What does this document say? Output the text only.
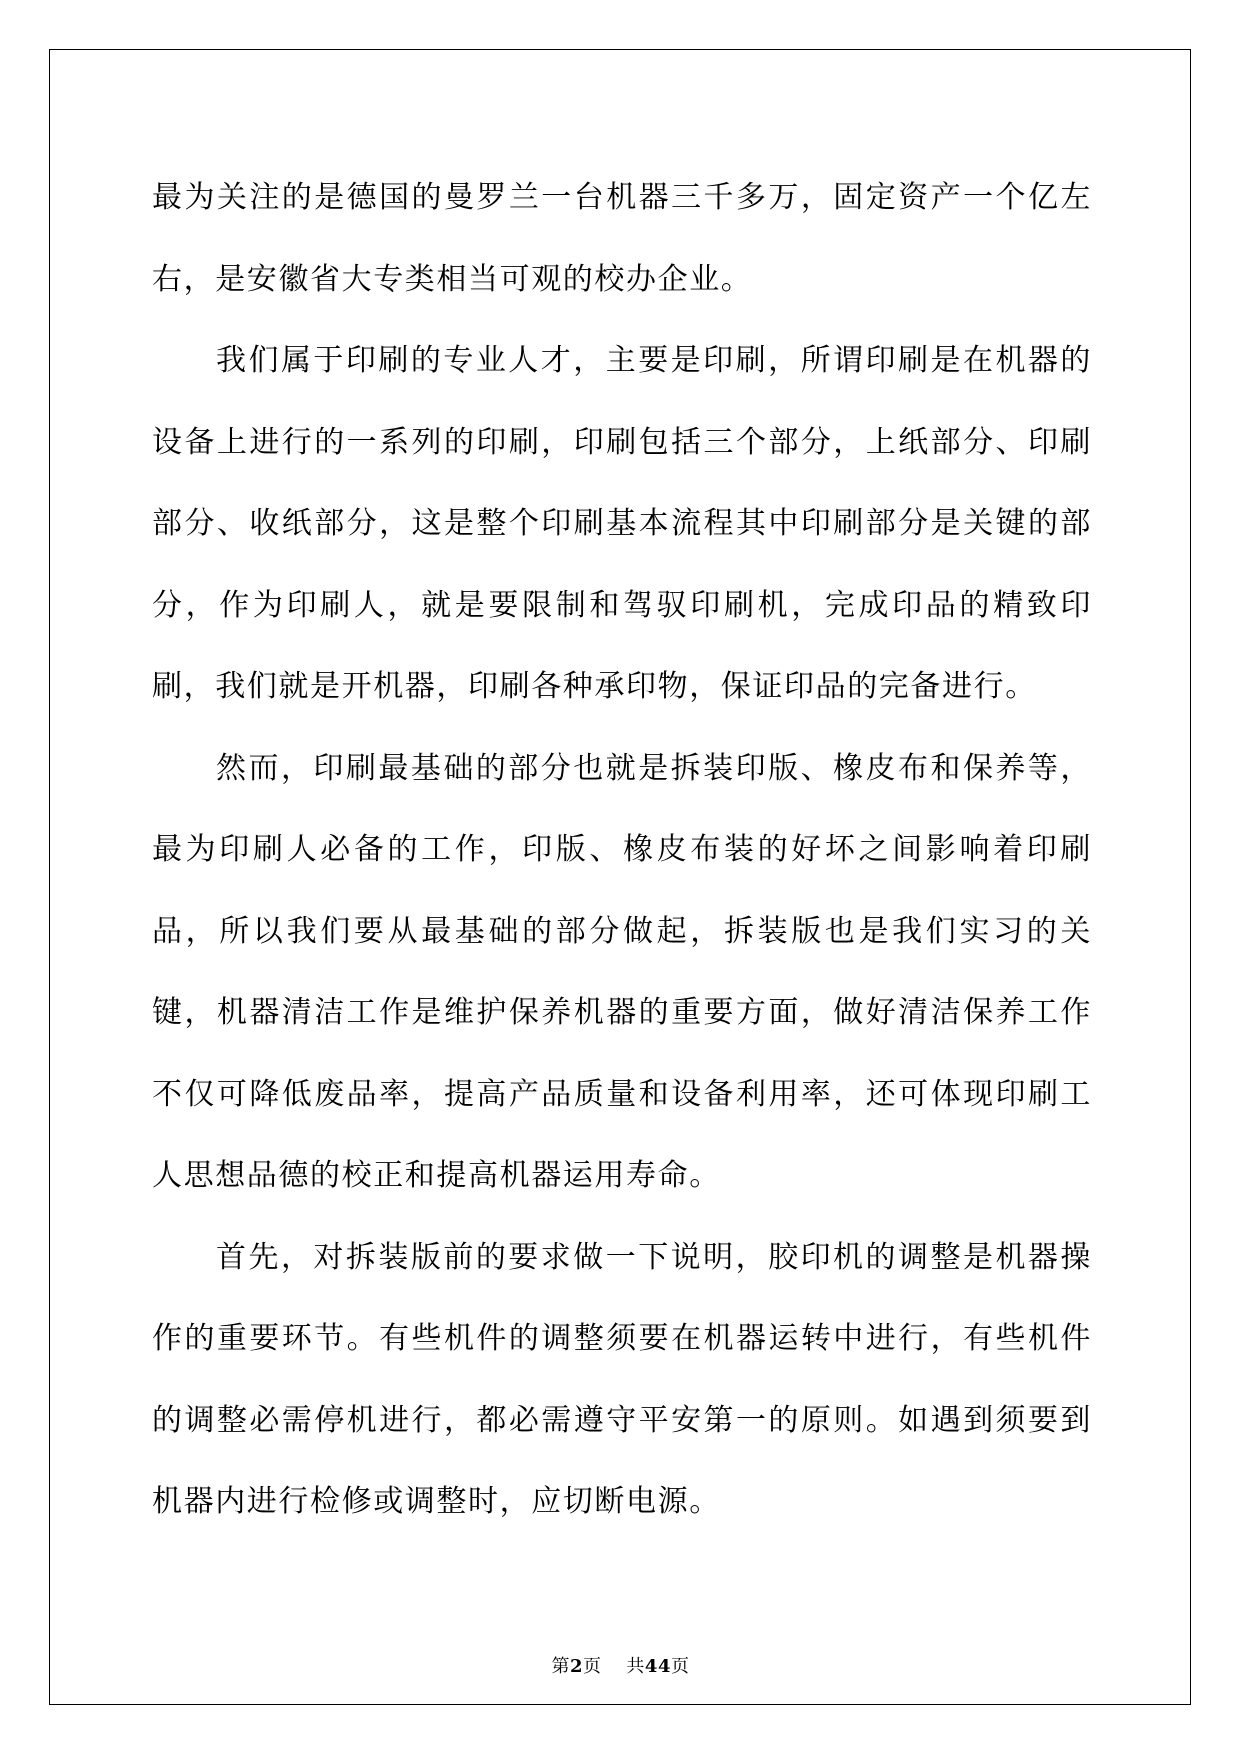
最为关注的是德国的曼罗兰一台机器三千多万，固定资产一个亿左右，是安徽省大专类相当可观的校办企业。

我们属于印刷的专业人才，主要是印刷，所谓印刷是在机器的设备上进行的一系列的印刷，印刷包括三个部分，上纸部分、印刷部分、收纸部分，这是整个印刷基本流程其中印刷部分是关键的部分，作为印刷人，就是要限制和驾驭印刷机，完成印品的精致印刷，我们就是开机器，印刷各种承印物，保证印品的完备进行。

然而，印刷最基础的部分也就是拆装印版、橡皮布和保养等，最为印刷人必备的工作，印版、橡皮布装的好坏之间影响着印刷品，所以我们要从最基础的部分做起，拆装版也是我们实习的关键，机器清洁工作是维护保养机器的重要方面，做好清洁保养工作不仅可降低废品率，提高产品质量和设备利用率，还可体现印刷工人思想品德的校正和提高机器运用寿命。

首先，对拆装版前的要求做一下说明，胶印机的调整是机器操作的重要环节。有些机件的调整须要在机器运转中进行，有些机件的调整必需停机进行，都必需遵守平安第一的原则。如遇到须要到机器内进行检修或调整时，应切断电源。

第2页 共44页
